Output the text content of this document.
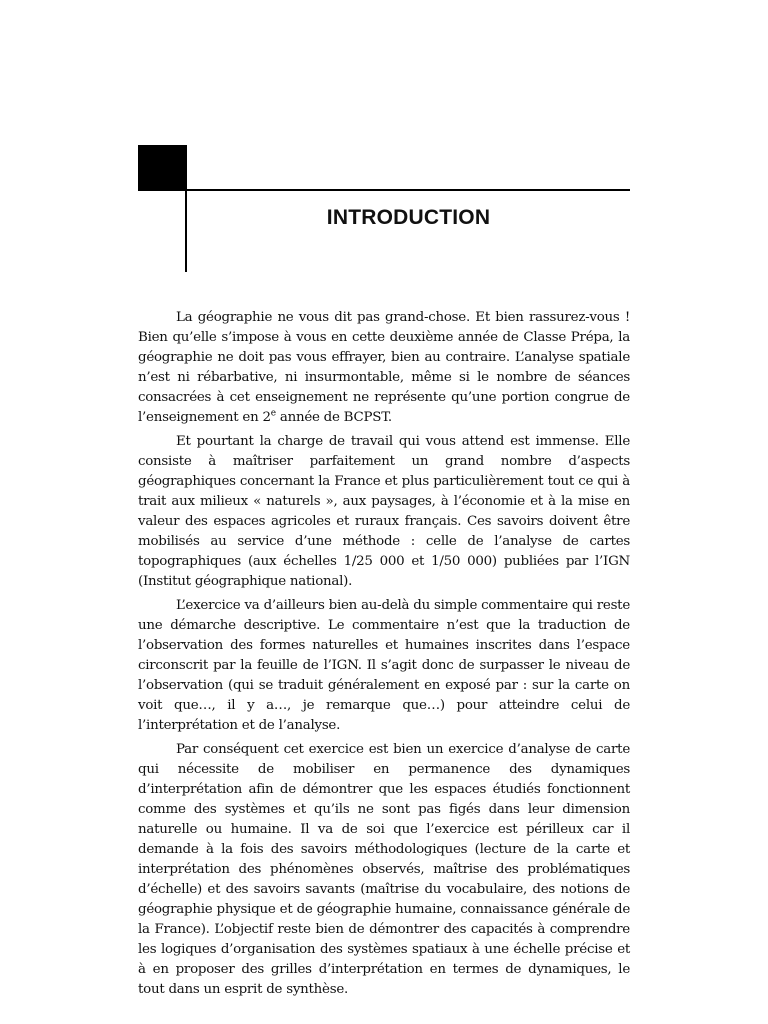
INTRODUCTION

La géographie ne vous dit pas grand-chose. Et bien rassurez-vous ! Bien qu’elle s’impose à vous en cette deuxième année de Classe Prépa, la géographie ne doit pas vous effrayer, bien au contraire. L’analyse spatiale n’est ni rébarbative, ni insurmontable, même si le nombre de séances consacrées à cet enseignement ne représente qu’une portion congrue de l’enseignement en 2e année de BCPST.

Et pourtant la charge de travail qui vous attend est immense. Elle consiste à maîtriser parfaitement un grand nombre d’aspects géographiques concernant la France et plus particulièrement tout ce qui à trait aux milieux « naturels », aux paysages, à l’économie et à la mise en valeur des espaces agricoles et ruraux français. Ces savoirs doivent être mobilisés au service d’une méthode : celle de l’analyse de cartes topographiques (aux échelles 1/25 000 et 1/50 000) publiées par l’IGN (Institut géographique national).

L’exercice va d’ailleurs bien au-delà du simple commentaire qui reste une démarche descriptive. Le commentaire n’est que la traduction de l’observation des formes naturelles et humaines inscrites dans l’espace circonscrit par la feuille de l’IGN. Il s’agit donc de surpasser le niveau de l’observation (qui se traduit généralement en exposé par : sur la carte on voit que…, il y a…, je remarque que…) pour atteindre celui de l’interprétation et de l’analyse.

Par conséquent cet exercice est bien un exercice d’analyse de carte qui nécessite de mobiliser en permanence des dynamiques d’interprétation afin de démontrer que les espaces étudiés fonctionnent comme des systèmes et qu’ils ne sont pas figés dans leur dimension naturelle ou humaine. Il va de soi que l’exercice est périlleux car il demande à la fois des savoirs méthodologiques (lecture de la carte et interprétation des phénomènes observés, maîtrise des problématiques d’échelle) et des savoirs savants (maîtrise du vocabulaire, des notions de géographie physique et de géographie humaine, connaissance générale de la France). L’objectif reste bien de démontrer des capacités à comprendre les logiques d’organisation des systèmes spatiaux à une échelle précise et à en proposer des grilles d’interprétation en termes de dynamiques, le tout dans un esprit de synthèse.
